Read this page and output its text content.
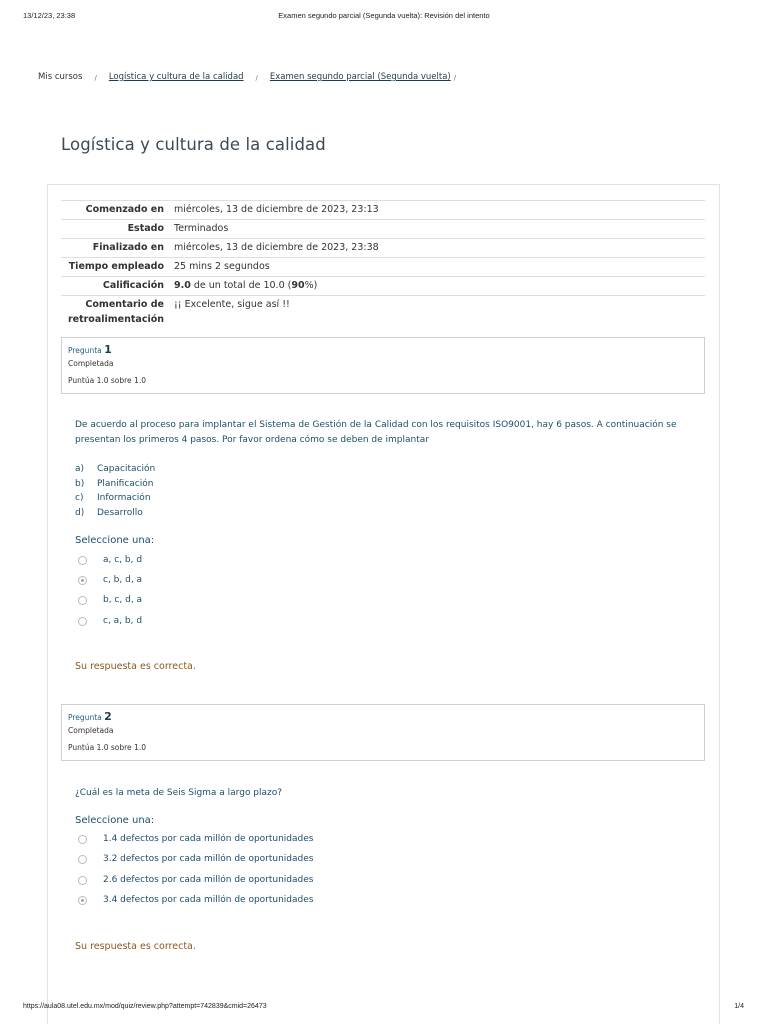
13/12/23, 23:38	Examen segundo parcial (Segunda vuelta): Revisión del intento
Mis cursos / Logística y cultura de la calidad / Examen segundo parcial (Segunda vuelta) /
Logística y cultura de la calidad
Comenzado en	miércoles, 13 de diciembre de 2023, 23:13
Estado	Terminados
Finalizado en	miércoles, 13 de diciembre de 2023, 23:38
Tiempo empleado	25 mins 2 segundos
Calificación	9.0 de un total de 10.0 (90%)
Comentario de retroalimentación	¡¡ Excelente, sigue así !!
Pregunta 1
Completada
Puntúa 1.0 sobre 1.0
De acuerdo al proceso para implantar el Sistema de Gestión de la Calidad con los requisitos ISO9001, hay 6 pasos. A continuación se presentan los primeros 4 pasos. Por favor ordena cómo se deben de implantar
a) Capacitación
b) Planificación
c) Información
d) Desarrollo
Seleccione una:
a, c, b, d
c, b, d, a
b, c, d, a
c, a, b, d
Su respuesta es correcta.
Pregunta 2
Completada
Puntúa 1.0 sobre 1.0
¿Cuál es la meta de Seis Sigma a largo plazo?
Seleccione una:
1.4 defectos por cada millón de oportunidades
3.2 defectos por cada millón de oportunidades
2.6 defectos por cada millón de oportunidades
3.4 defectos por cada millón de oportunidades
Su respuesta es correcta.
https://aula08.utel.edu.mx/mod/quiz/review.php?attempt=742839&cmid=26473	1/4
